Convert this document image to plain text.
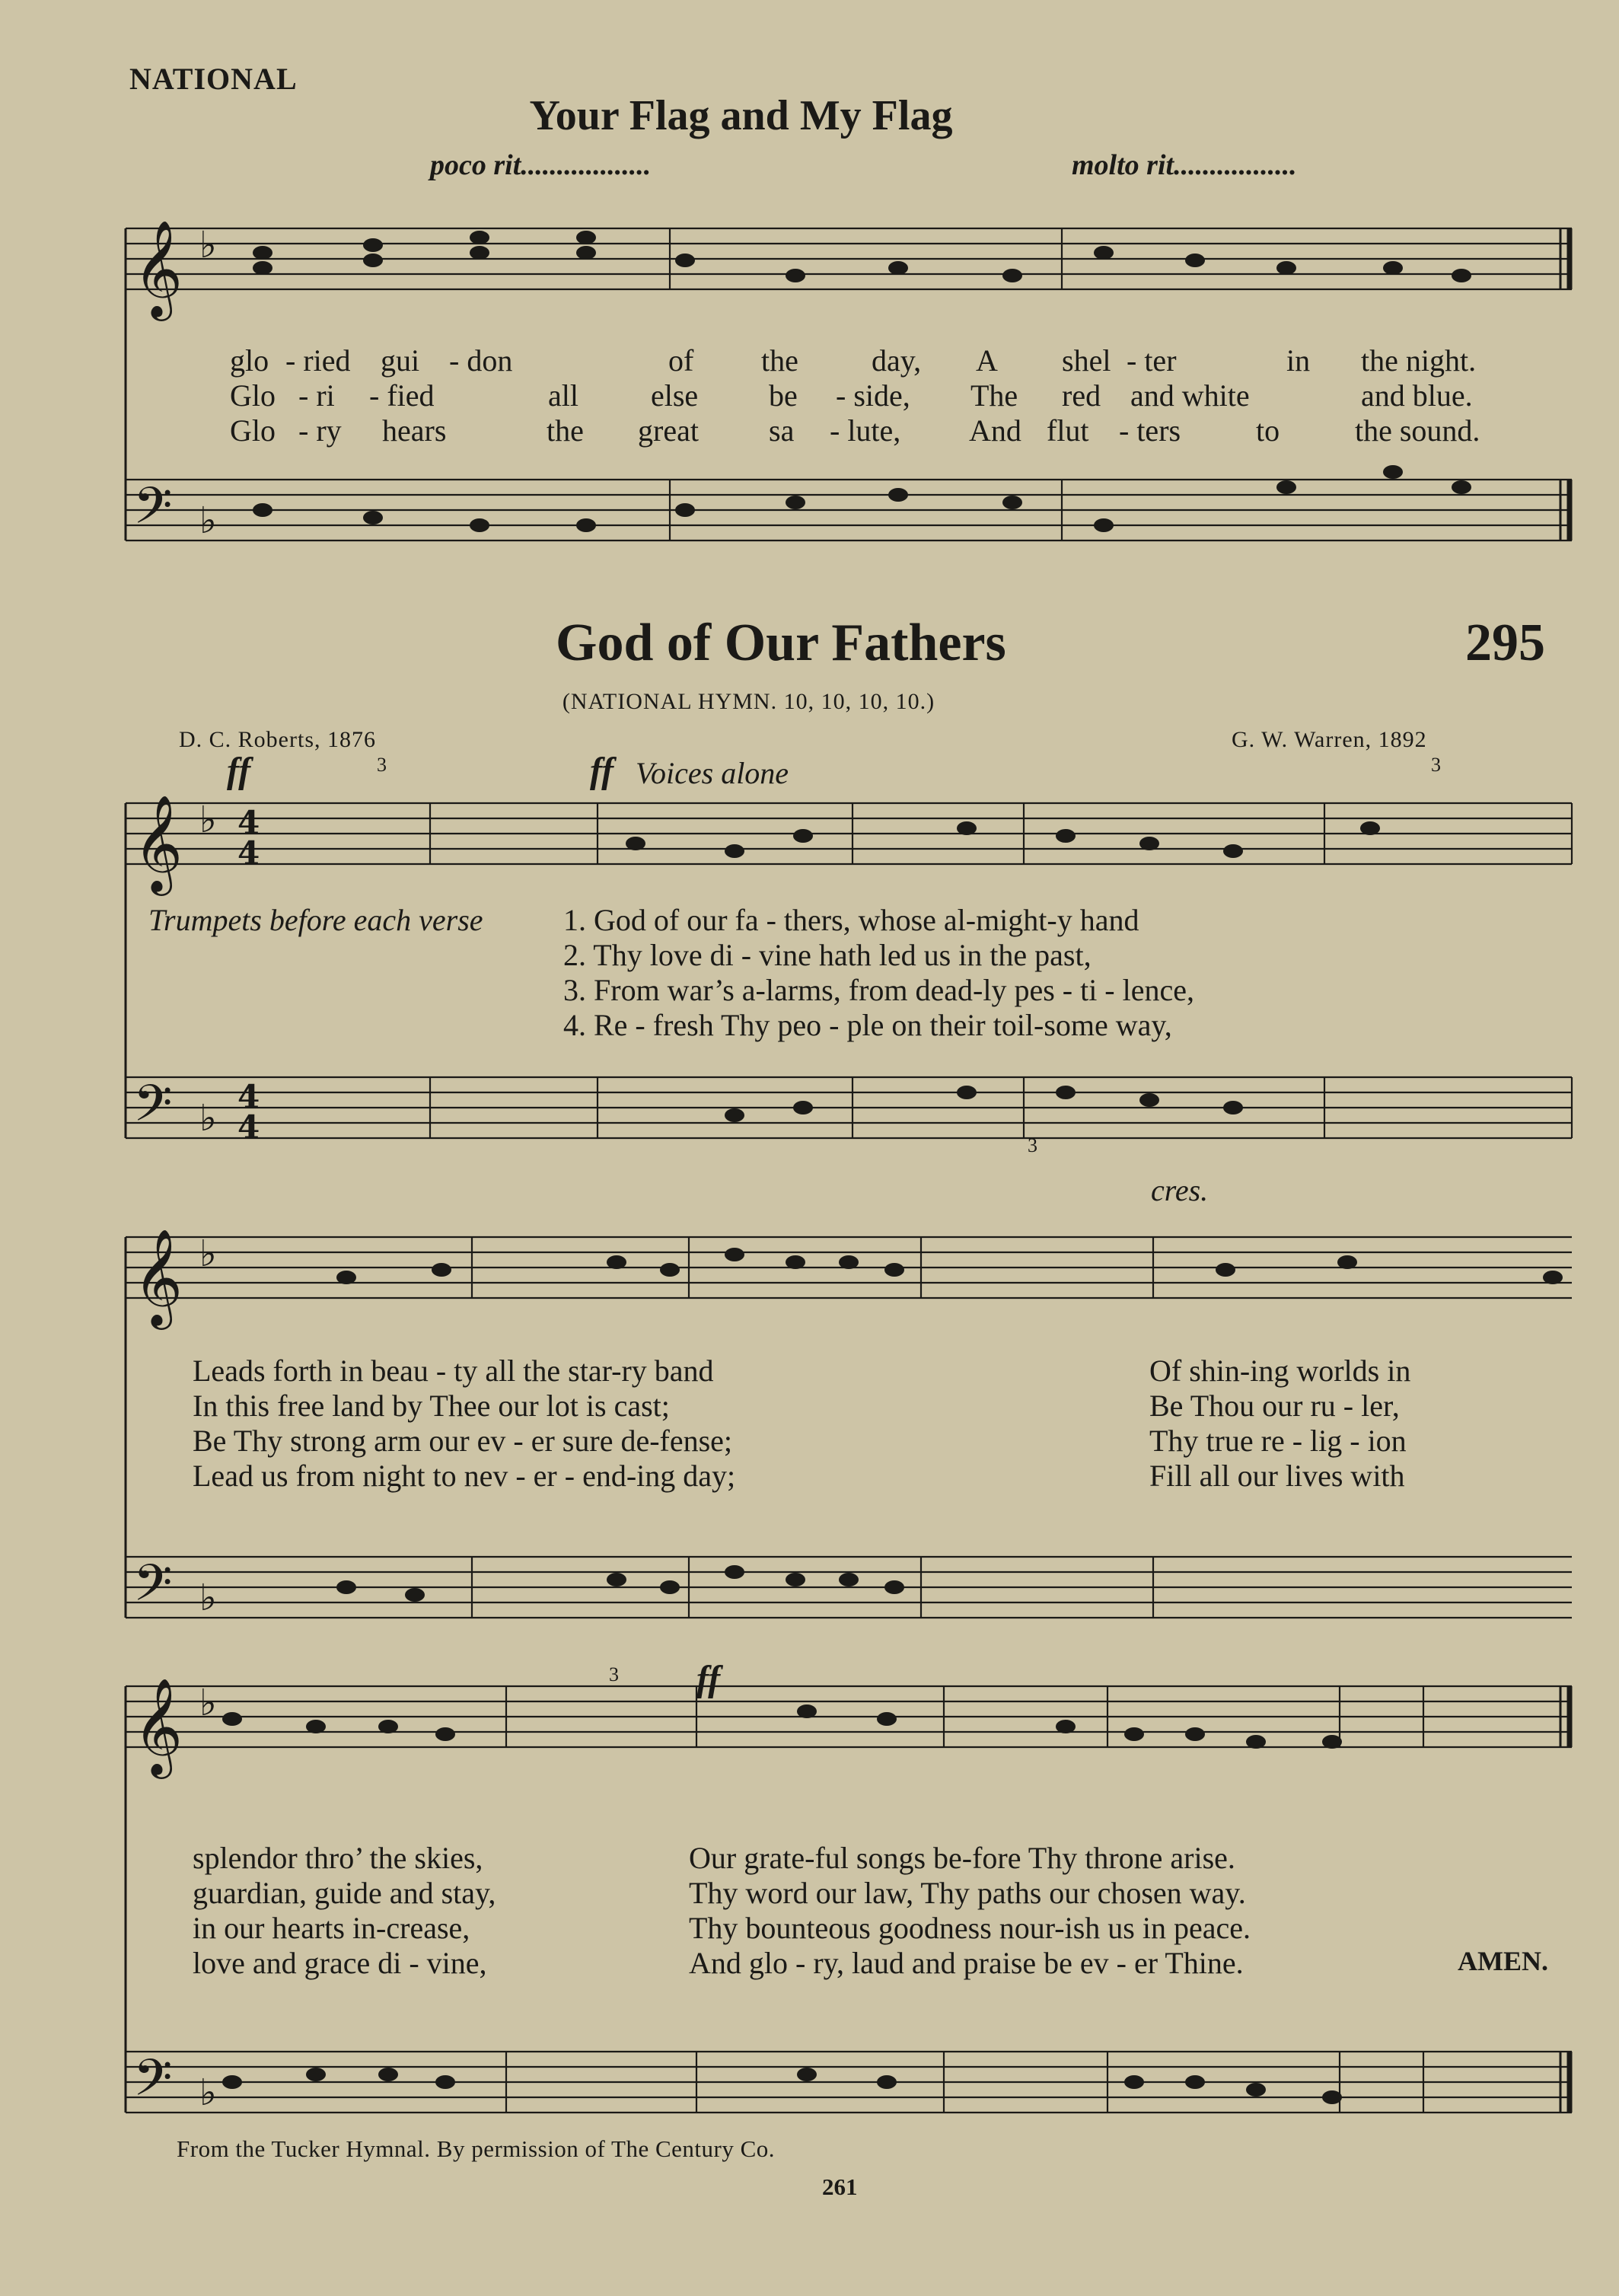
𝄞
𝄢
𝄞
𝄢
𝄞
𝄢
𝄞
𝄢
♭
♭
♭
♭
♭
♭
♭
♭
4
4
4
4
NATIONAL
Your Flag and My Flag
poco rit..................	molto rit.................
glo - ried gui - don	of the day, A shel - ter	in the night.
Glo - ri - fied	all else be - side, The red and white	and blue.
Glo - ry hears	the great sa - lute, And flut - ters to the sound.
God of Our Fathers	295
(NATIONAL HYMN. 10, 10, 10, 10.)
D. C. Roberts, 1876	G. W. Warren, 1892
ff	ff Voices alone
3	3
3
3
Trumpets before each verse	1. God of our fa - thers, whose al-might-y hand
2. Thy love di - vine hath led us in the past,
3. From war’s a-larms, from dead-ly pes - ti - lence,
4. Re - fresh Thy peo - ple on their toil-some way,
cres.
Leads forth in beau - ty all the star-ry band
In this free land by Thee our lot is cast;
Be Thy strong arm our ev - er sure de-fense;
Lead us from night to nev - er - end-ing day;
Of shin-ing worlds in
Be Thou our ru - ler,
Thy true re - lig - ion
Fill all our lives with
ff
splendor thro’ the skies,
guardian, guide and stay,
in our hearts in-crease,
love and grace di - vine,
Our grate-ful songs be-fore Thy throne arise.
Thy word our law, Thy paths our chosen way.
Thy bounteous goodness nour-ish us in peace.
And glo - ry, laud and praise be ev - er Thine.	AMEN.
From the Tucker Hymnal. By permission of The Century Co.
261
